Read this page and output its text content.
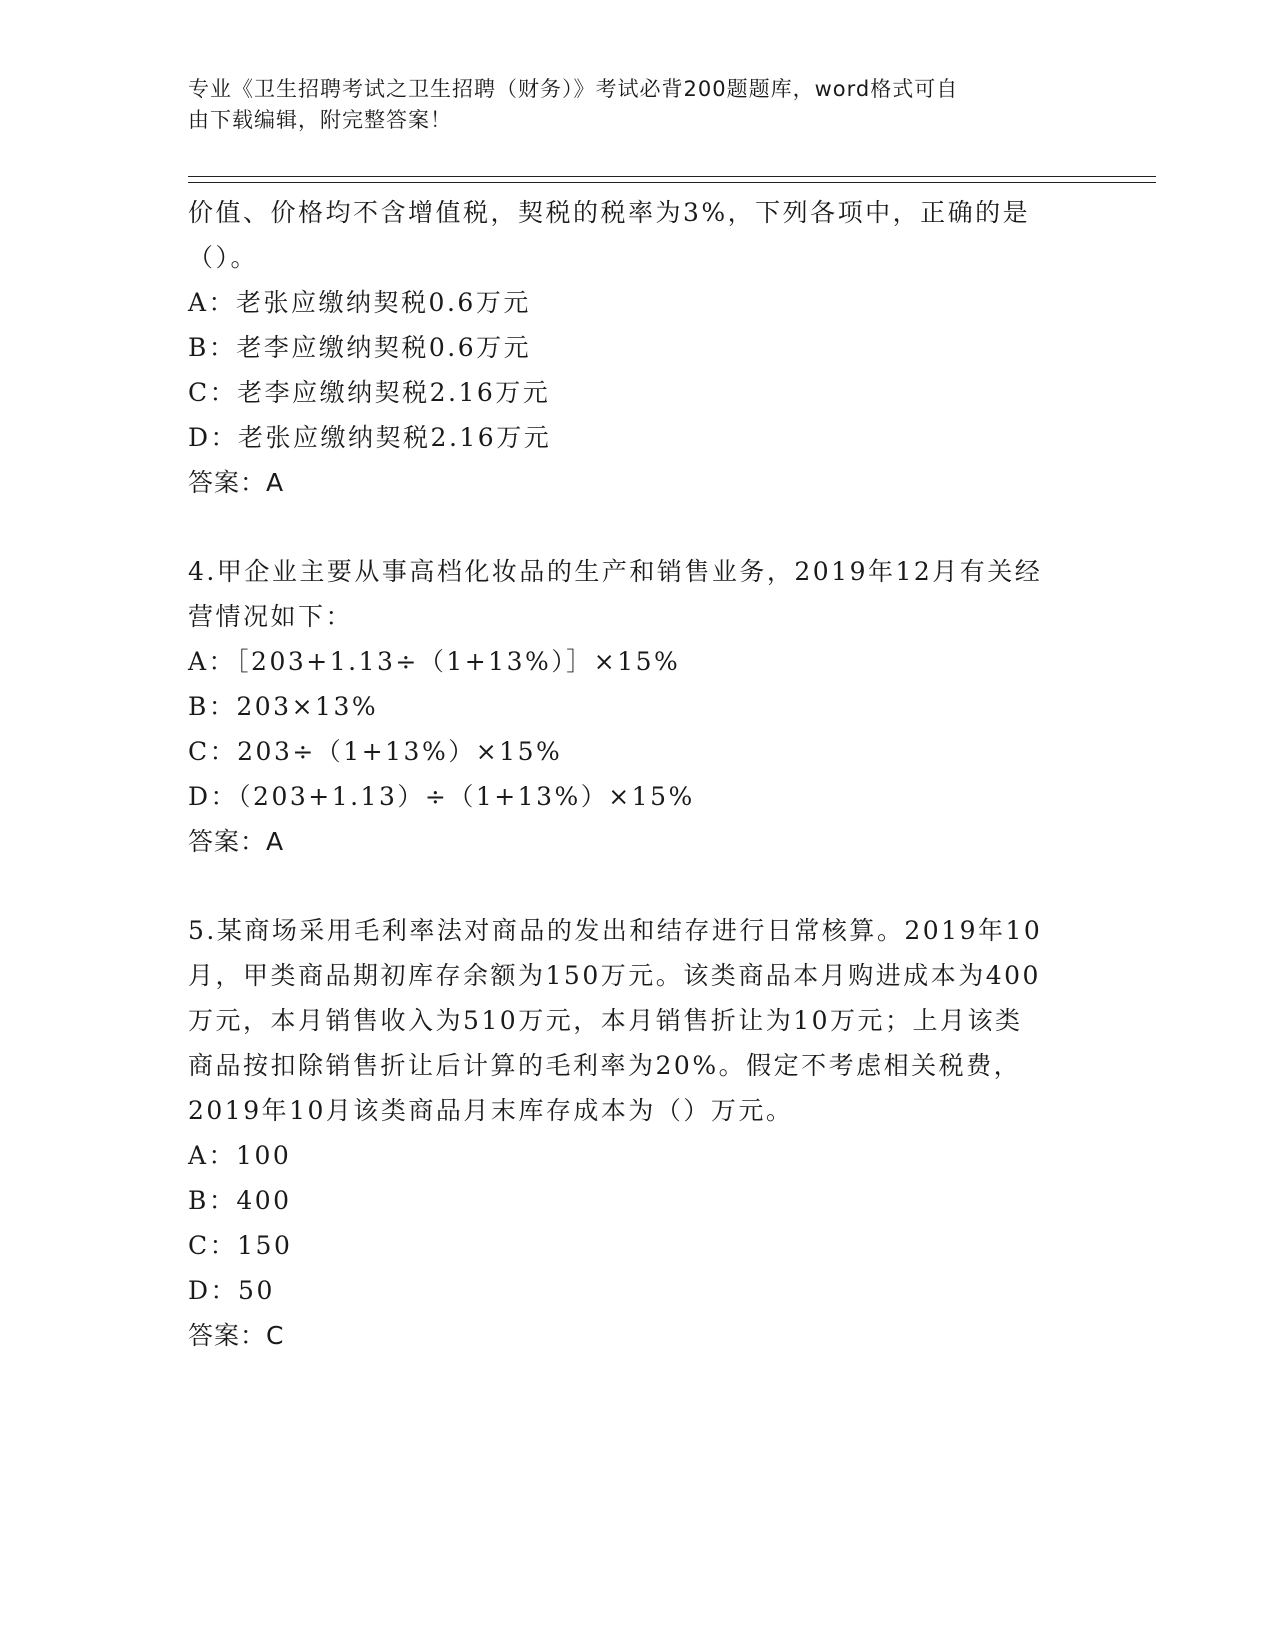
专业《卫生招聘考试之卫生招聘（财务）》考试必背200题题库，word格式可自
由下载编辑，附完整答案！
价值、价格均不含增值税，契税的税率为3%，下列各项中，正确的是
（）。
A：老张应缴纳契税0.6万元
B：老李应缴纳契税0.6万元
C：老李应缴纳契税2.16万元
D：老张应缴纳契税2.16万元
答案：A
4.甲企业主要从事高档化妆品的生产和销售业务，2019年12月有关经
营情况如下：
A：［203+1.13÷（1+13%）］×15%
B：203×13%
C：203÷（1+13%）×15%
D：（203+1.13）÷（1+13%）×15%
答案：A
5.某商场采用毛利率法对商品的发出和结存进行日常核算。2019年10
月，甲类商品期初库存余额为150万元。该类商品本月购进成本为400
万元，本月销售收入为510万元，本月销售折让为10万元；上月该类
商品按扣除销售折让后计算的毛利率为20%。假定不考虑相关税费，
2019年10月该类商品月末库存成本为（）万元。
A：100
B：400
C：150
D：50
答案：C
